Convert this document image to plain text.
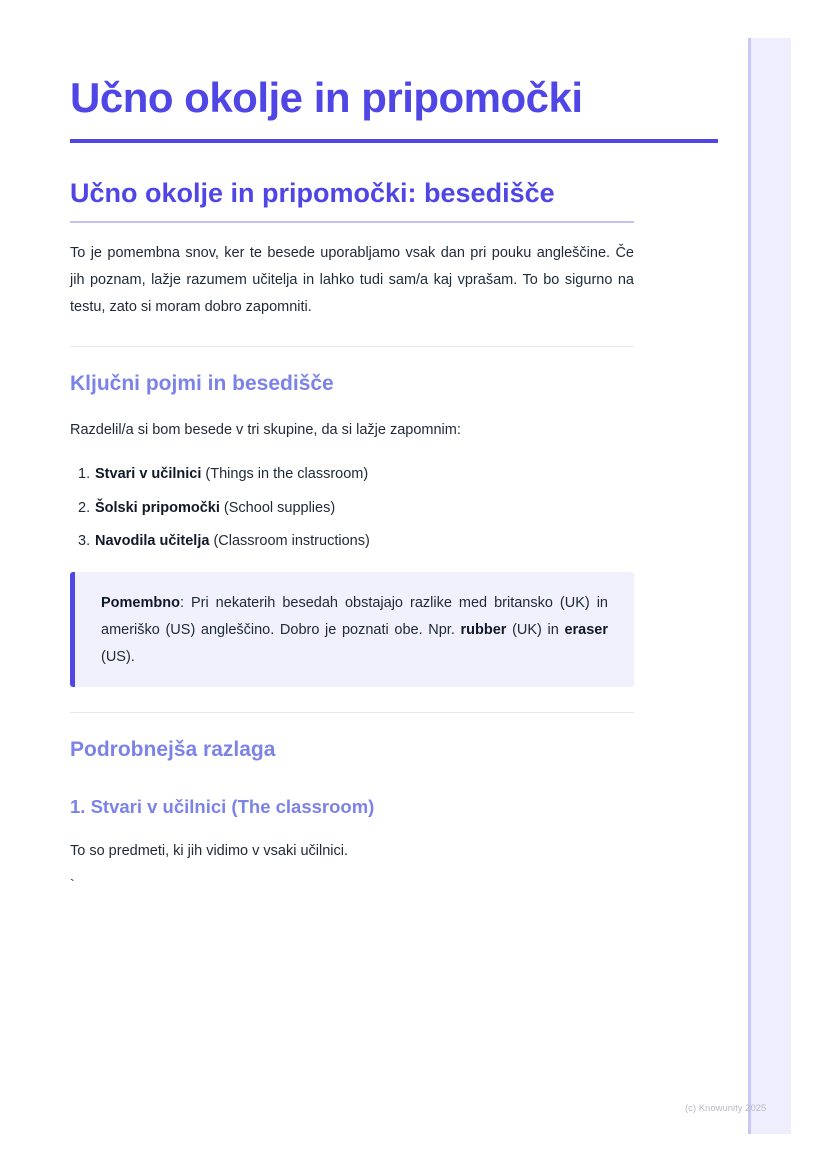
Učno okolje in pripomočki
Učno okolje in pripomočki: besedišče

To je pomembna snov, ker te besede uporabljamo vsak dan pri pouku angleščine. Če jih poznam, lažje razumem učitelja in lahko tudi sam/a kaj vprašam. To bo sigurno na testu, zato si moram dobro zapomniti.

Ključni pojmi in besedišče

Razdelil/a si bom besede v tri skupine, da si lažje zapomnim:

1. Stvari v učilnici (Things in the classroom)
2. Šolski pripomočki (School supplies)
3. Navodila učitelja (Classroom instructions)

Pomembno: Pri nekaterih besedah obstajajo razlike med britansko (UK) in ameriško (US) angleščino. Dobro je poznati obe. Npr. rubber (UK) in eraser (US).

Podrobnejša razlaga
1. Stvari v učilnici (The classroom)

To so predmeti, ki jih vidimo v vsaki učilnici.

`
(c) Knowunity 2025
